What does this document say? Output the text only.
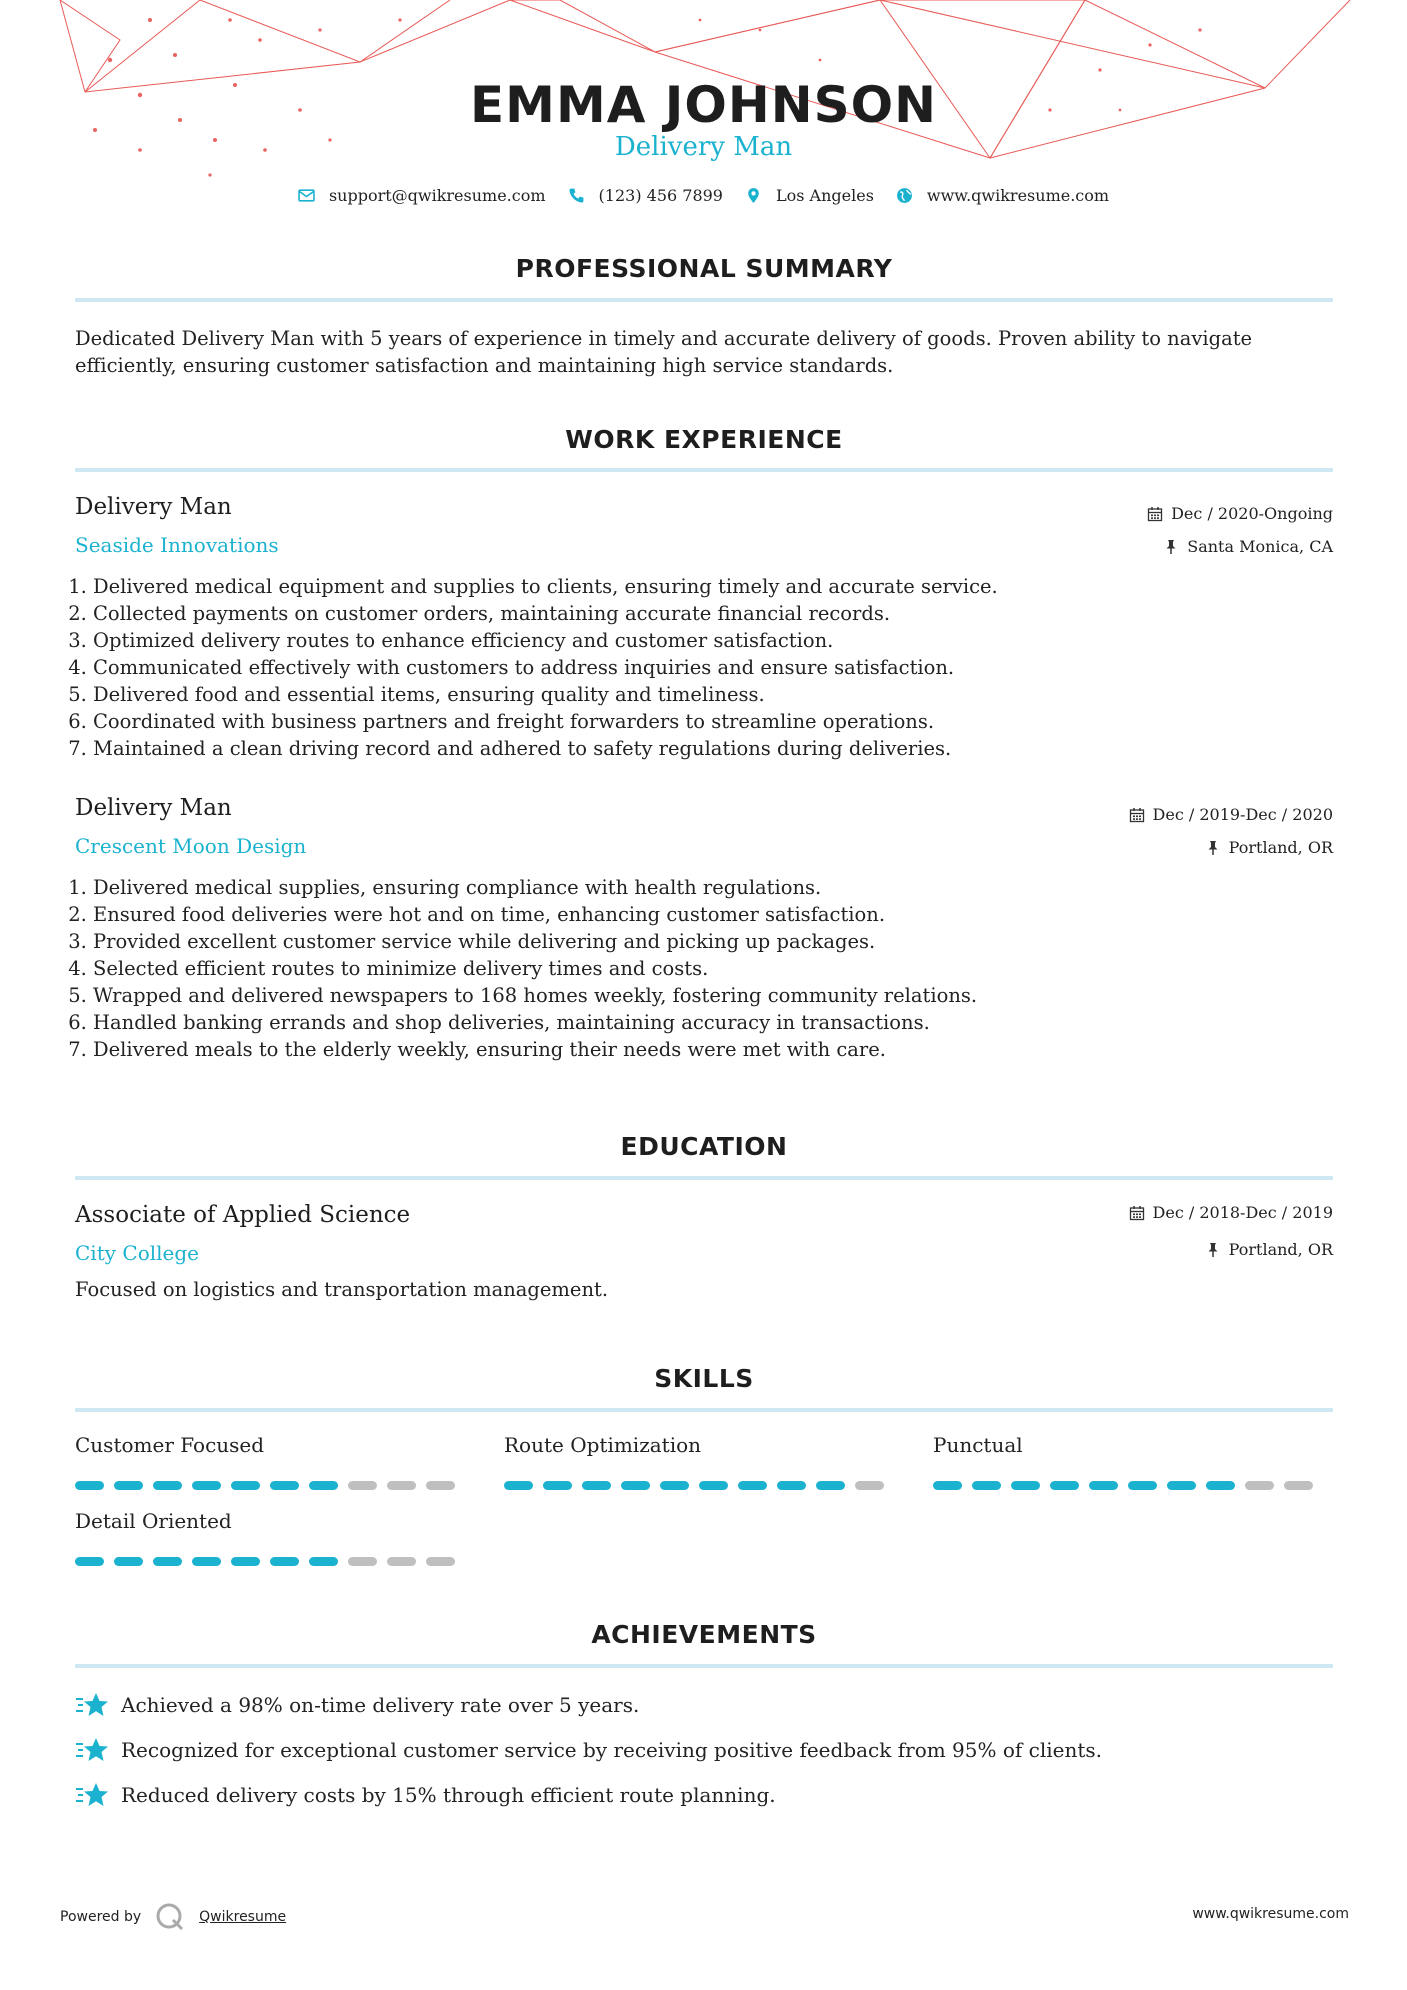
EMMA JOHNSON
Delivery Man
support@qwikresume.com	(123) 456 7899	Los Angeles	www.qwikresume.com
PROFESSIONAL SUMMARY
Dedicated Delivery Man with 5 years of experience in timely and accurate delivery of goods. Proven ability to navigate efficiently, ensuring customer satisfaction and maintaining high service standards.
WORK EXPERIENCE
Delivery Man
Seaside Innovations
Dec / 2020-Ongoing
Santa Monica, CA
1. Delivered medical equipment and supplies to clients, ensuring timely and accurate service.
2. Collected payments on customer orders, maintaining accurate financial records.
3. Optimized delivery routes to enhance efficiency and customer satisfaction.
4. Communicated effectively with customers to address inquiries and ensure satisfaction.
5. Delivered food and essential items, ensuring quality and timeliness.
6. Coordinated with business partners and freight forwarders to streamline operations.
7. Maintained a clean driving record and adhered to safety regulations during deliveries.
Delivery Man
Crescent Moon Design
Dec / 2019-Dec / 2020
Portland, OR
1. Delivered medical supplies, ensuring compliance with health regulations.
2. Ensured food deliveries were hot and on time, enhancing customer satisfaction.
3. Provided excellent customer service while delivering and picking up packages.
4. Selected efficient routes to minimize delivery times and costs.
5. Wrapped and delivered newspapers to 168 homes weekly, fostering community relations.
6. Handled banking errands and shop deliveries, maintaining accuracy in transactions.
7. Delivered meals to the elderly weekly, ensuring their needs were met with care.
EDUCATION
Associate of Applied Science
City College
Dec / 2018-Dec / 2019
Portland, OR
Focused on logistics and transportation management.
SKILLS
Customer Focused	Route Optimization	Punctual
Detail Oriented
ACHIEVEMENTS
Achieved a 98% on-time delivery rate over 5 years.
Recognized for exceptional customer service by receiving positive feedback from 95% of clients.
Reduced delivery costs by 15% through efficient route planning.
Powered by	Qwikresume	www.qwikresume.com
